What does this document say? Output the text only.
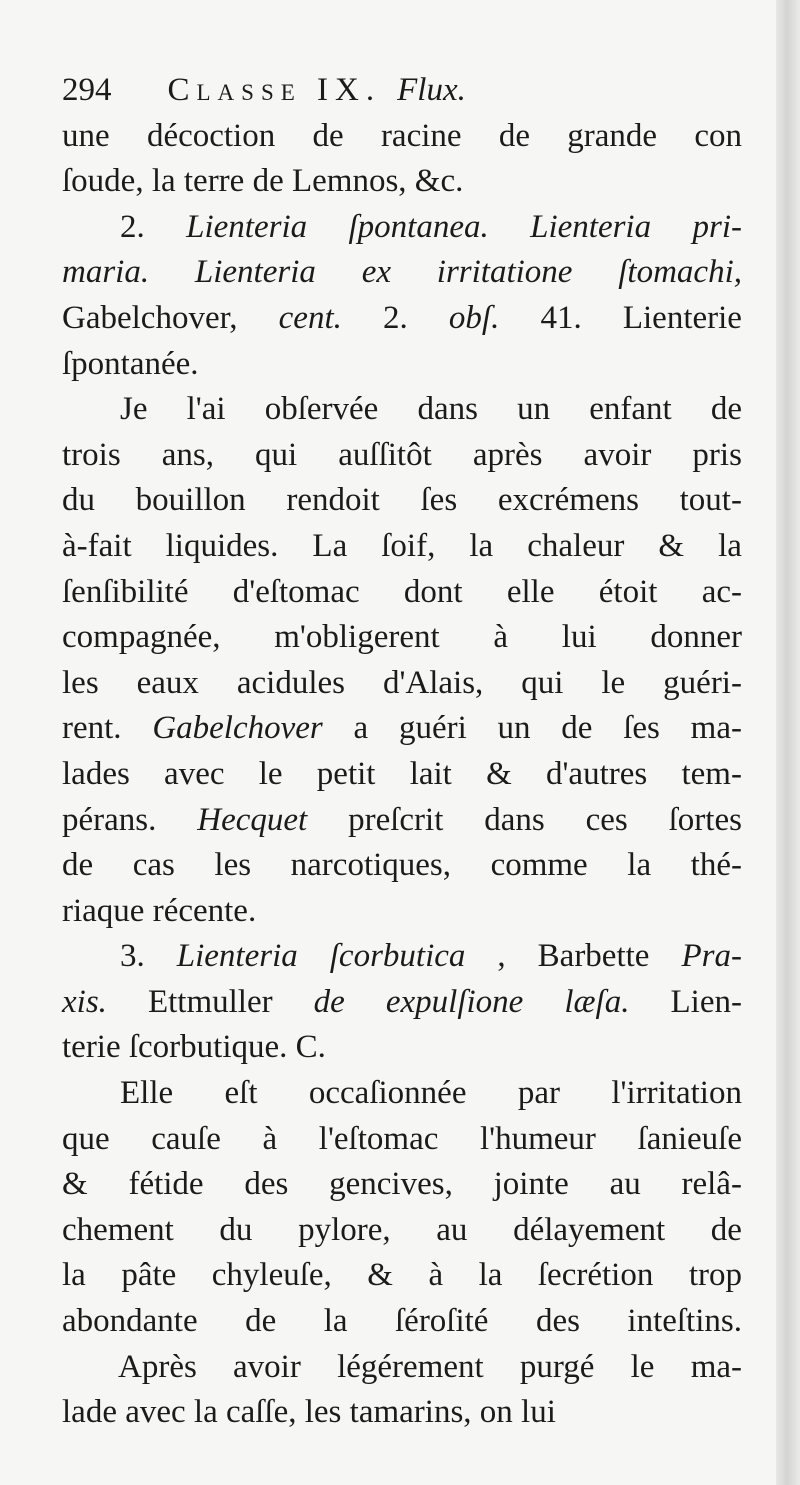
294 Classe IX. Flux.
une décoction de racine de grande con
ſoude, la terre de Lemnos, &c.
2. Lienteria ſpontanea. Lienteria pri-
maria. Lienteria ex irritatione ſtomachi,
Gabelchover, cent. 2. obſ. 41. Lienterie
ſpontanée.
Je l'ai obſervée dans un enfant de
trois ans, qui auſſitôt après avoir pris
du bouillon rendoit ſes excrémens tout-
à-fait liquides. La ſoif, la chaleur & la
ſenſibilité d'eſtomac dont elle étoit ac-
compagnée, m'obligerent à lui donner
les eaux acidules d'Alais, qui le guéri-
rent. Gabelchover a guéri un de ſes ma-
lades avec le petit lait & d'autres tem-
pérans. Hecquet preſcrit dans ces ſortes
de cas les narcotiques, comme la thé-
riaque récente.
3. Lienteria ſcorbutica , Barbette Pra-
xis. Ettmuller de expulſione læſa. Lien-
terie ſcorbutique. C.
Elle eſt occaſionnée par l'irritation
que cauſe à l'eſtomac l'humeur ſanieuſe
& fétide des gencives, jointe au relâ-
chement du pylore, au délayement de
la pâte chyleuſe, & à la ſecrétion trop
abondante de la ſéroſité des inteſtins.
Après avoir légérement purgé le ma-
lade avec la caſſe, les tamarins, on lui
